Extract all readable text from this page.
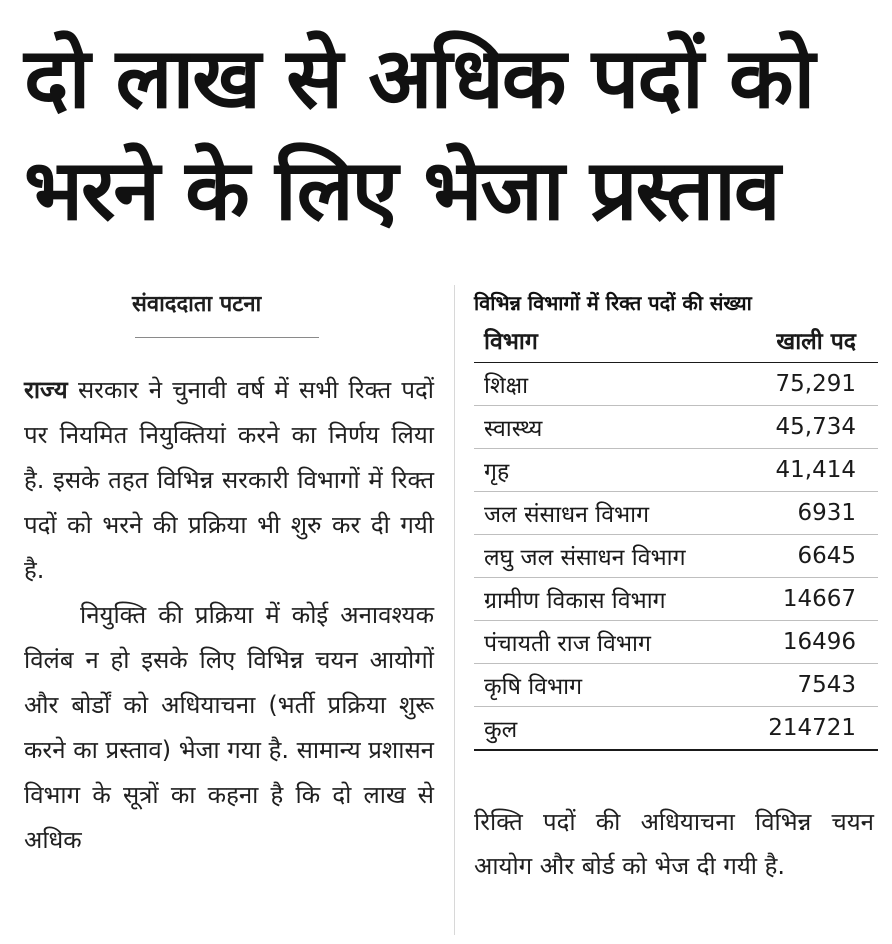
दो लाख से अधिक पदों को
भरने के लिए भेजा प्रस्ताव
संवाददाता पटना

राज्य सरकार ने चुनावी वर्ष में सभी रिक्त पदों पर नियमित नियुक्तियां करने का निर्णय लिया है. इसके तहत विभिन्न सरकारी विभागों में रिक्त पदों को भरने की प्रक्रिया भी शुरु कर दी गयी है.

नियुक्ति की प्रक्रिया में कोई अनावश्यक विलंब न हो इसके लिए विभिन्न चयन आयोगों और बोर्डों को अधियाचना (भर्ती प्रक्रिया शुरू करने का प्रस्ताव) भेजा गया है. सामान्य प्रशासन विभाग के सूत्रों का कहना है कि दो लाख से अधिक

विभिन्न विभागों में रिक्त पदों की संख्या
विभाग	खाली पद
शिक्षा	75,291
स्वास्थ्य	45,734
गृह	41,414
जल संसाधन विभाग	6931
लघु जल संसाधन विभाग	6645
ग्रामीण विकास विभाग	14667
पंचायती राज विभाग	16496
कृषि विभाग	7543
कुल	214721
रिक्ति पदों की अधियाचना विभिन्न चयन आयोग और बोर्ड को भेज दी गयी है.
